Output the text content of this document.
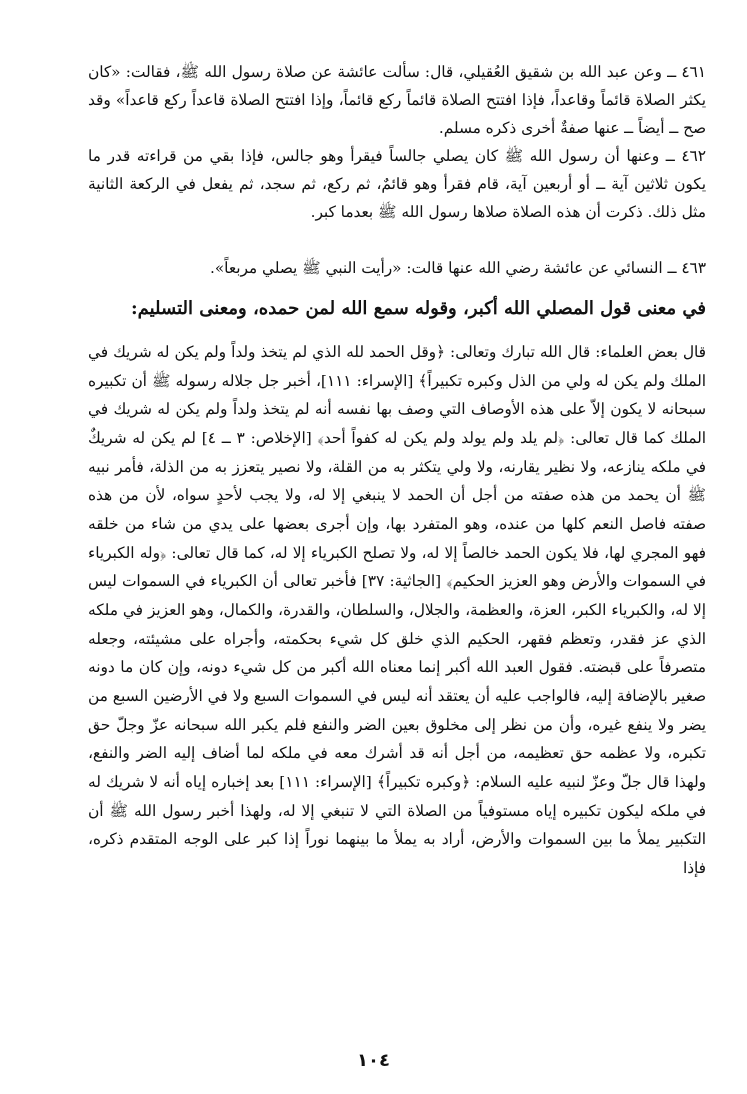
٤٦١ ــ وعن عبد الله بن شقيق العُقيلي، قال: سألت عائشة عن صلاة رسول الله ﷺ، فقالت: «كان يكثر الصلاة قائماً وقاعداً، فإذا افتتح الصلاة قائماً ركع قائماً، وإذا افتتح الصلاة قاعداً ركع قاعداً» وقد صح ــ أيضاً ــ عنها صفةٌ أخرى ذكره مسلم.

٤٦٢ ــ وعنها أن رسول الله ﷺ كان يصلي جالساً فيقرأ وهو جالس، فإذا بقي من قراءته قدر ما يكون ثلاثين آية ــ أو أربعين آية، قام فقرأ وهو قائمٌ، ثم ركع، ثم سجد، ثم يفعل في الركعة الثانية مثل ذلك. ذكرت أن هذه الصلاة صلاها رسول الله ﷺ بعدما كبر.

٤٦٣ ــ النسائي عن عائشة رضي الله عنها قالت: «رأيت النبي ﷺ يصلي مربعاً».

في معنى قول المصلي الله أكبر، وقوله سمع الله لمن حمده، ومعنى التسليم:

قال بعض العلماء: قال الله تبارك وتعالى: ﴿وقل الحمد لله الذي لم يتخذ ولداً ولم يكن له شريك في الملك ولم يكن له ولي من الذل وكبره تكبيراً﴾ [الإسراء: ١١١]، أخبر جل جلاله رسوله ﷺ أن تكبيره سبحانه لا يكون إلاّ على هذه الأوصاف التي وصف بها نفسه أنه لم يتخذ ولداً ولم يكن له شريك في الملك كما قال تعالى: ﴿لم يلد ولم يولد ولم يكن له كفواً أحد﴾ [الإخلاص: ٣ ــ ٤] لم يكن له شريكٌ في ملكه ينازعه، ولا نظير يقارنه، ولا ولي يتكثر به من القلة، ولا نصير يتعزز به من الذلة، فأمر نبيه ﷺ أن يحمد من هذه صفته من أجل أن الحمد لا ينبغي إلا له، ولا يجب لأحدٍ سواه، لأن من هذه صفته فاصل النعم كلها من عنده، وهو المتفرد بها، وإن أجرى بعضها على يدي من شاء من خلقه فهو المجري لها، فلا يكون الحمد خالصاً إلا له، ولا تصلح الكبرياء إلا له، كما قال تعالى: ﴿وله الكبرياء في السموات والأرض وهو العزيز الحكيم﴾ [الجاثية: ٣٧] فأخبر تعالى أن الكبرياء في السموات ليس إلا له، والكبرياء الكبر، العزة، والعظمة، والجلال، والسلطان، والقدرة، والكمال، وهو العزيز في ملكه الذي عز فقدر، وتعظم فقهر، الحكيم الذي خلق كل شيء بحكمته، وأجراه على مشيئته، وجعله متصرفاً على قبضته. فقول العبد الله أكبر إنما معناه الله أكبر من كل شيء دونه، وإن كان ما دونه صغير بالإضافة إليه، فالواجب عليه أن يعتقد أنه ليس في السموات السبع ولا في الأرضين السبع من يضر ولا ينفع غيره، وأن من نظر إلى مخلوق بعين الضر والنفع فلم يكبر الله سبحانه عزّ وجلّ حق تكبره، ولا عظمه حق تعظيمه، من أجل أنه قد أشرك معه في ملكه لما أضاف إليه الضر والنفع، ولهذا قال جلّ وعزّ لنبيه عليه السلام: ﴿وكبره تكبيراً﴾ [الإسراء: ١١١] بعد إخباره إياه أنه لا شريك له في ملكه ليكون تكبيره إياه مستوفياً من الصلاة التي لا تنبغي إلا له، ولهذا أخبر رسول الله ﷺ أن التكبير يملأ ما بين السموات والأرض، أراد به يملأ ما بينهما نوراً إذا كبر على الوجه المتقدم ذكره، فإذا

١٠٤
